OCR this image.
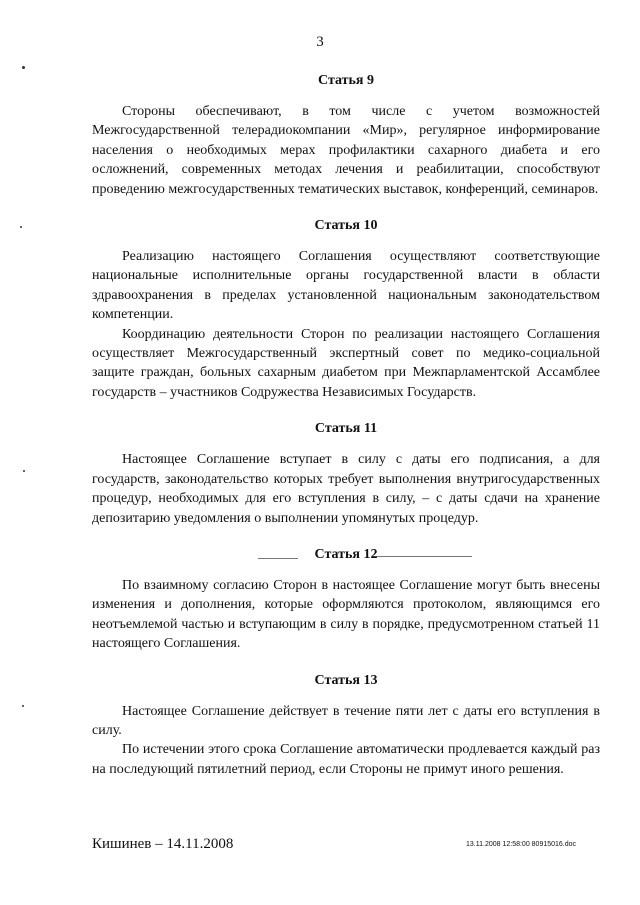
3
Статья 9

Стороны обеспечивают, в том числе с учетом возможностей Межгосударственной телерадиокомпании «Мир», регулярное информирование населения о необходимых мерах профилактики сахарного диабета и его осложнений, современных методах лечения и реабилитации, способствуют проведению межгосударственных тематических выставок, конференций, семинаров.

Статья 10

Реализацию настоящего Соглашения осуществляют соответствующие национальные исполнительные органы государственной власти в области здравоохранения в пределах установленной национальным законодательством компетенции.

Координацию деятельности Сторон по реализации настоящего Соглашения осуществляет Межгосударственный экспертный совет по медико-социальной защите граждан, больных сахарным диабетом при Межпарламентской Ассамблее государств – участников Содружества Независимых Государств.

Статья 11

Настоящее Соглашение вступает в силу с даты его подписания, а для государств, законодательство которых требует выполнения внутригосударственных процедур, необходимых для его вступления в силу, – с даты сдачи на хранение депозитарию уведомления о выполнении упомянутых процедур.

Статья 12

По взаимному согласию Сторон в настоящее Соглашение могут быть внесены изменения и дополнения, которые оформляются протоколом, являющимся его неотъемлемой частью и вступающим в силу в порядке, предусмотренном статьей 11 настоящего Соглашения.

Статья 13

Настоящее Соглашение действует в течение пяти лет с даты его вступления в силу.

По истечении этого срока Соглашение автоматически продлевается каждый раз на последующий пятилетний период, если Стороны не примут иного решения.

Кишинев – 14.11.2008	13.11.2008 12:58:00 80915016.doc
